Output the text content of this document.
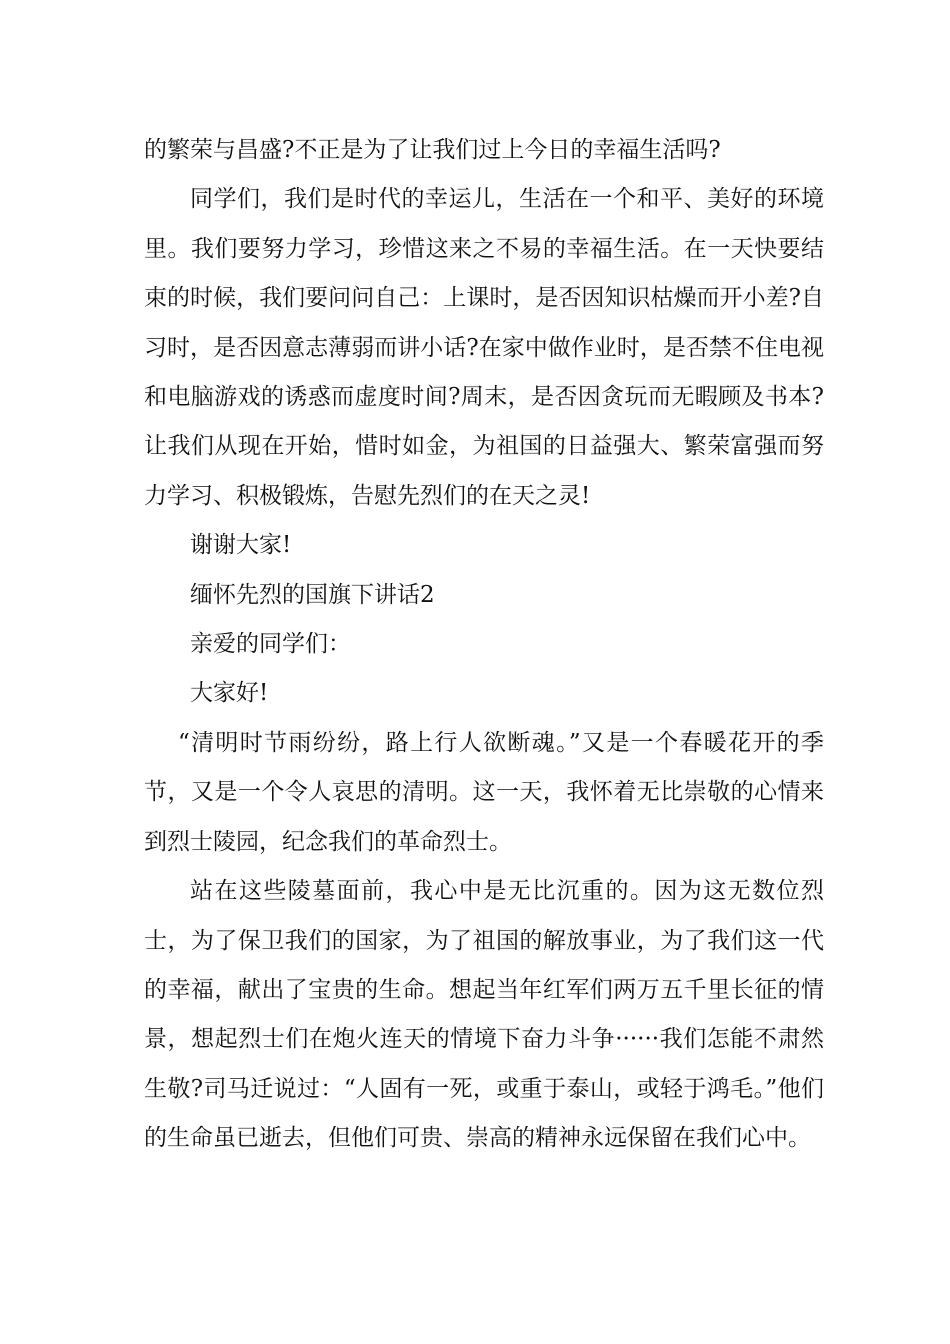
的繁荣与昌盛?不正是为了让我们过上今日的幸福生活吗?

同学们，我们是时代的幸运儿，生活在一个和平、美好的环境里。我们要努力学习，珍惜这来之不易的幸福生活。在一天快要结束的时候，我们要问问自己：上课时，是否因知识枯燥而开小差?自习时，是否因意志薄弱而讲小话?在家中做作业时，是否禁不住电视和电脑游戏的诱惑而虚度时间?周末，是否因贪玩而无暇顾及书本?让我们从现在开始，惜时如金，为祖国的日益强大、繁荣富强而努力学习、积极锻炼，告慰先烈们的在天之灵!

谢谢大家!

缅怀先烈的国旗下讲话2

亲爱的同学们：

大家好!

“清明时节雨纷纷，路上行人欲断魂。”又是一个春暖花开的季节，又是一个令人哀思的清明。这一天，我怀着无比崇敬的心情来到烈士陵园，纪念我们的革命烈士。

站在这些陵墓面前，我心中是无比沉重的。因为这无数位烈士，为了保卫我们的国家，为了祖国的解放事业，为了我们这一代的幸福，献出了宝贵的生命。想起当年红军们两万五千里长征的情景，想起烈士们在炮火连天的情境下奋力斗争······我们怎能不肃然生敬?司马迁说过：“人固有一死，或重于泰山，或轻于鸿毛。”他们的生命虽已逝去，但他们可贵、崇高的精神永远保留在我们心中。
